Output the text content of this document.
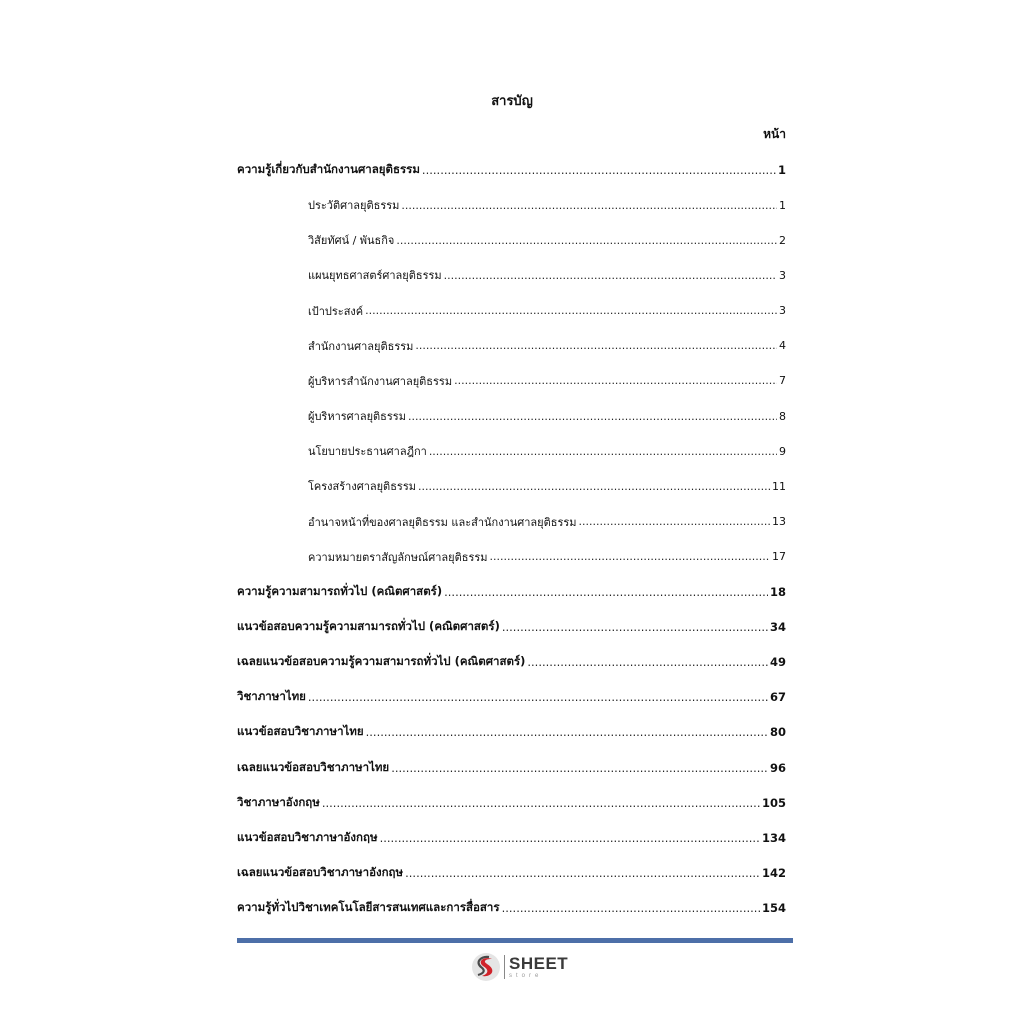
สารบัญ
หน้า
ความรู้เกี่ยวกับสำนักงานศาลยุติธรรม .....	1
ประวัติศาลยุติธรรม .....	1
วิสัยทัศน์ / พันธกิจ .....	2
แผนยุทธศาสตร์ศาลยุติธรรม .....	3
เป้าประสงค์ .....	3
สำนักงานศาลยุติธรรม .....	4
ผู้บริหารสำนักงานศาลยุติธรรม .....	7
ผู้บริหารศาลยุติธรรม .....	8
นโยบายประธานศาลฎีกา .....	9
โครงสร้างศาลยุติธรรม .....	11
อำนาจหน้าที่ของศาลยุติธรรม และสำนักงานศาลยุติธรรม .....	13
ความหมายตราสัญลักษณ์ศาลยุติธรรม .....	17
ความรู้ความสามารถทั่วไป (คณิตศาสตร์) .....	18
แนวข้อสอบความรู้ความสามารถทั่วไป (คณิตศาสตร์) .....	34
เฉลยแนวข้อสอบความรู้ความสามารถทั่วไป (คณิตศาสตร์) .....	49
วิชาภาษาไทย .....	67
แนวข้อสอบวิชาภาษาไทย .....	80
เฉลยแนวข้อสอบวิชาภาษาไทย .....	96
วิชาภาษาอังกฤษ .....	105
แนวข้อสอบวิชาภาษาอังกฤษ .....	134
เฉลยแนวข้อสอบวิชาภาษาอังกฤษ .....	142
ความรู้ทั่วไปวิชาเทคโนโลยีสารสนเทศและการสื่อสาร .....	154
SHEET
store
